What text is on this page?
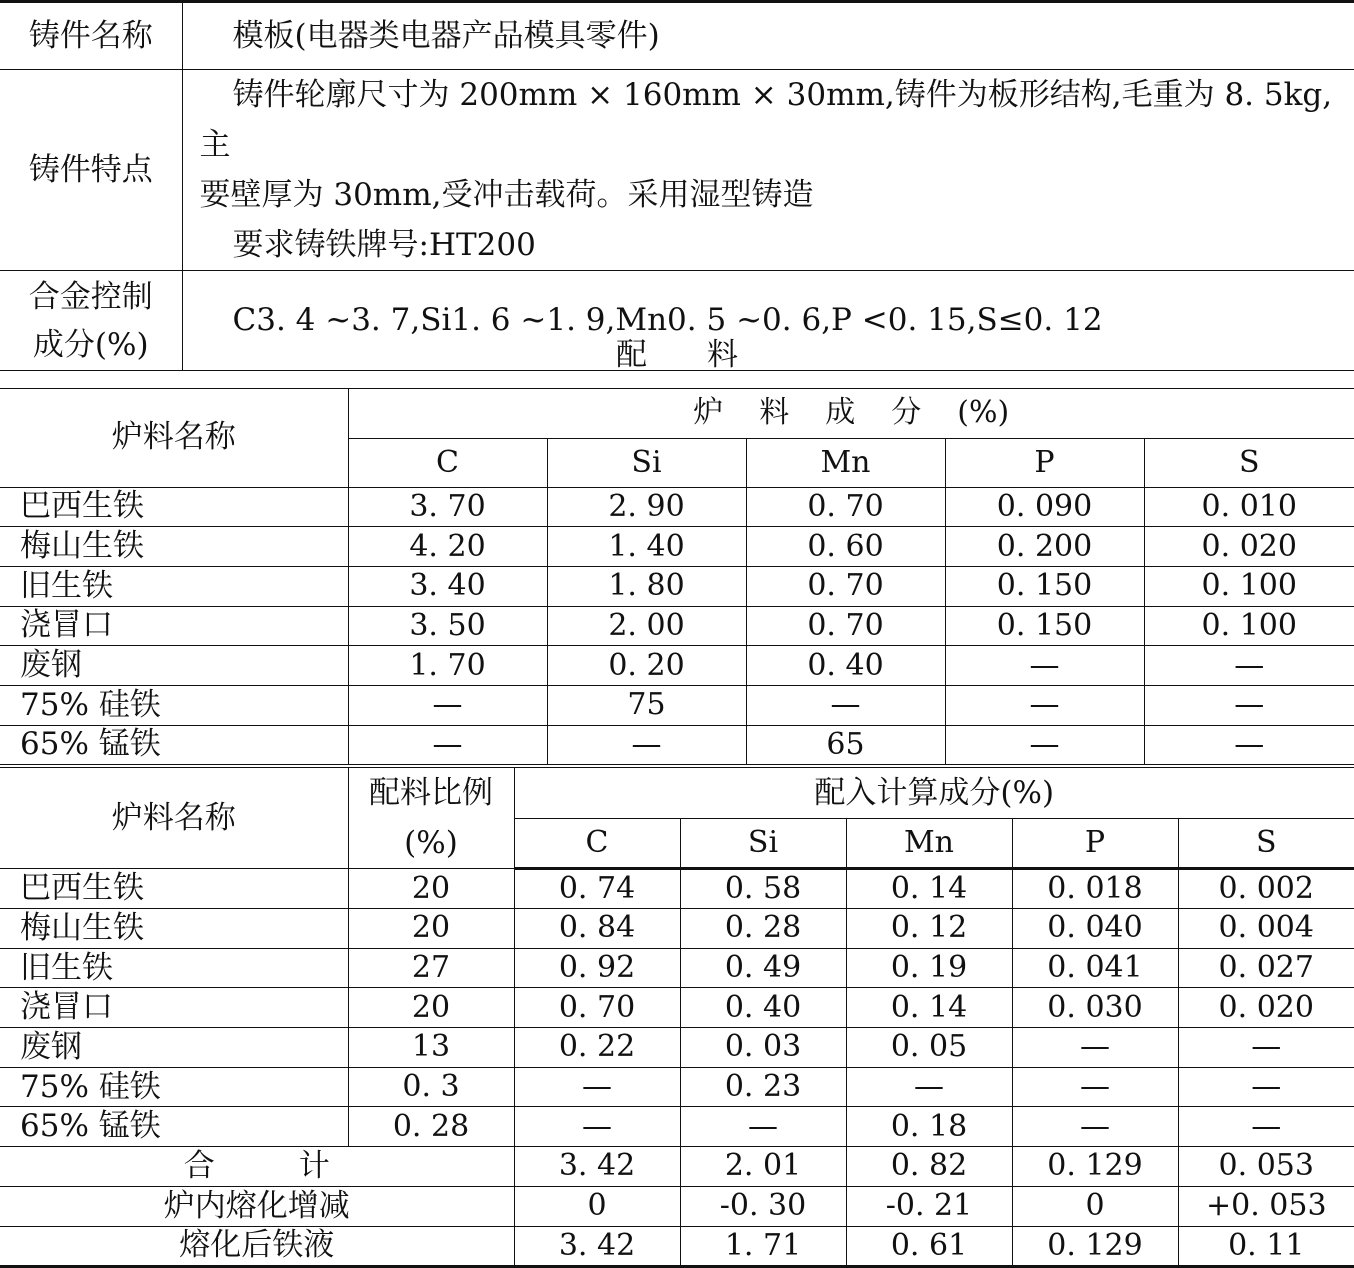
铸件名称	模板(电器类电器产品模具零件)
铸件特点	铸件轮廓尺寸为 200mm × 160mm × 30mm,铸件为板形结构,毛重为 8. 5kg,主

要壁厚为 30mm,受冲击载荷。采用湿型铸造

要求铸铁牌号:HT200

合金控制
成分(%)	C3. 4 ~3. 7,Si1. 6 ~1. 9,Mn0. 5 ~0. 6,P <0. 15,S≤0. 12
配 料
炉料名称	炉 料 成 分 (%)				
	C	Si	Mn	P	S
巴西生铁	3. 70	2. 90	0. 70	0. 090	0. 010
梅山生铁	4. 20	1. 40	0. 60	0. 200	0. 020
旧生铁	3. 40	1. 80	0. 70	0. 150	0. 100
浇冒口	3. 50	2. 00	0. 70	0. 150	0. 100
废钢	1. 70	0. 20	0. 40	—	—
75% 硅铁	—	75	—	—	—
65% 锰铁	—	—	65	—	—
炉料名称	配料比例
(%)	配入计算成分(%)				
		C	Si	Mn	P	S
巴西生铁	20	0. 74	0. 58	0. 14	0. 018	0. 002
梅山生铁	20	0. 84	0. 28	0. 12	0. 040	0. 004
旧生铁	27	0. 92	0. 49	0. 19	0. 041	0. 027
浇冒口	20	0. 70	0. 40	0. 14	0. 030	0. 020
废钢	13	0. 22	0. 03	0. 05	—	—
75% 硅铁	0. 3	—	0. 23	—	—	—
65% 锰铁	0. 28	—	—	0. 18	—	—
合 计		3. 42	2. 01	0. 82	0. 129	0. 053
炉内熔化增减		0	-0. 30	-0. 21	0	+0. 053
熔化后铁液		3. 42	1. 71	0. 61	0. 129	0. 11
